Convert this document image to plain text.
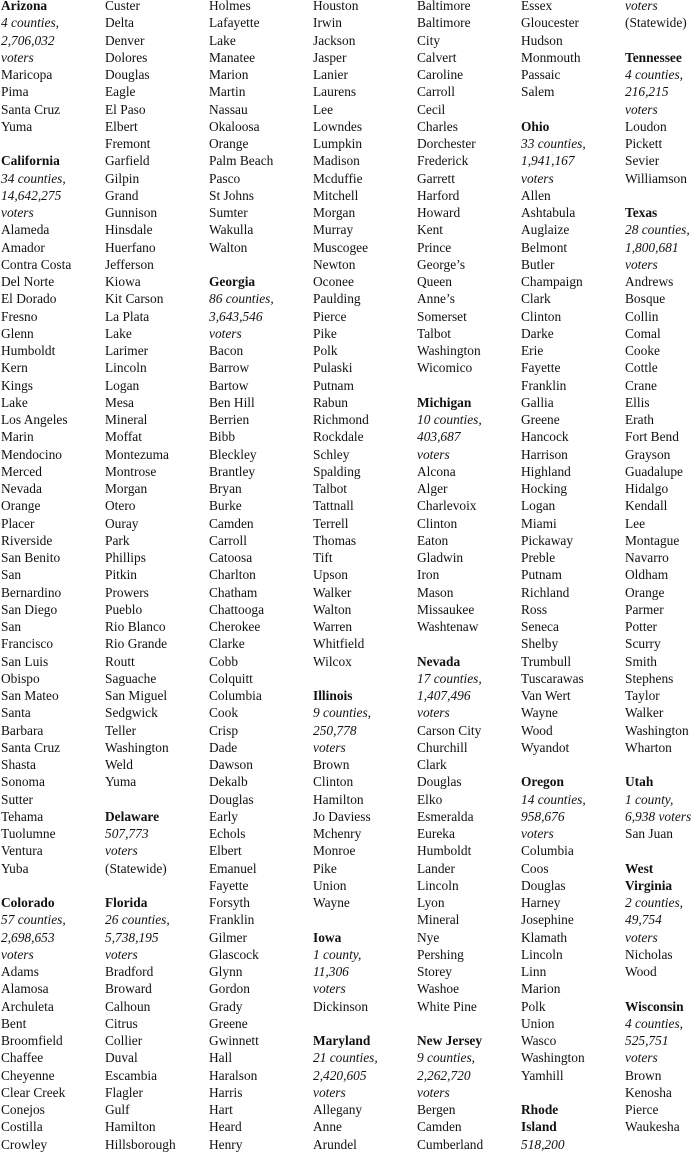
Arizona
4 counties,
2,706,032
voters
Maricopa
Pima
Santa Cruz
Yuma
California
34 counties,
14,642,275
voters
Alameda
Amador
Contra Costa
Del Norte
El Dorado
Fresno
Glenn
Humboldt
Kern
Kings
Lake
Los Angeles
Marin
Mendocino
Merced
Nevada
Orange
Placer
Riverside
San Benito
San
Bernardino
San Diego
San
Francisco
San Luis
Obispo
San Mateo
Santa
Barbara
Santa Cruz
Shasta
Sonoma
Sutter
Tehama
Tuolumne
Ventura
Yuba
Colorado
57 counties,
2,698,653
voters
Adams
Alamosa
Archuleta
Bent
Broomfield
Chaffee
Cheyenne
Clear Creek
Conejos
Costilla
Crowley
Custer
Delta
Denver
Dolores
Douglas
Eagle
El Paso
Elbert
Fremont
Garfield
Gilpin
Grand
Gunnison
Hinsdale
Huerfano
Jefferson
Kiowa
Kit Carson
La Plata
Lake
Larimer
Lincoln
Logan
Mesa
Mineral
Moffat
Montezuma
Montrose
Morgan
Otero
Ouray
Park
Phillips
Pitkin
Prowers
Pueblo
Rio Blanco
Rio Grande
Routt
Saguache
San Miguel
Sedgwick
Teller
Washington
Weld
Yuma
Delaware
507,773
voters
(Statewide)
Florida
26 counties,
5,738,195
voters
Bradford
Broward
Calhoun
Citrus
Collier
Duval
Escambia
Flagler
Gulf
Hamilton
Hillsborough
Holmes
Lafayette
Lake
Manatee
Marion
Martin
Nassau
Okaloosa
Orange
Palm Beach
Pasco
St Johns
Sumter
Wakulla
Walton
Georgia
86 counties,
3,643,546
voters
Bacon
Barrow
Bartow
Ben Hill
Berrien
Bibb
Bleckley
Brantley
Bryan
Burke
Camden
Carroll
Catoosa
Charlton
Chatham
Chattooga
Cherokee
Clarke
Cobb
Colquitt
Columbia
Cook
Crisp
Dade
Dawson
Dekalb
Douglas
Early
Echols
Elbert
Emanuel
Fayette
Forsyth
Franklin
Gilmer
Glascock
Glynn
Gordon
Grady
Greene
Gwinnett
Hall
Haralson
Harris
Hart
Heard
Henry
Houston
Irwin
Jackson
Jasper
Lanier
Laurens
Lee
Lowndes
Lumpkin
Madison
Mcduffie
Mitchell
Morgan
Murray
Muscogee
Newton
Oconee
Paulding
Pierce
Pike
Polk
Pulaski
Putnam
Rabun
Richmond
Rockdale
Schley
Spalding
Talbot
Tattnall
Terrell
Thomas
Tift
Upson
Walker
Walton
Warren
Whitfield
Wilcox
Illinois
9 counties,
250,778
voters
Brown
Clinton
Hamilton
Jo Daviess
Mchenry
Monroe
Pike
Union
Wayne
Iowa
1 county,
11,306
voters
Dickinson
Maryland
21 counties,
2,420,605
voters
Allegany
Anne
Arundel
Baltimore
Baltimore
City
Calvert
Caroline
Carroll
Cecil
Charles
Dorchester
Frederick
Garrett
Harford
Howard
Kent
Prince
George’s
Queen
Anne’s
Somerset
Talbot
Washington
Wicomico
Michigan
10 counties,
403,687
voters
Alcona
Alger
Charlevoix
Clinton
Eaton
Gladwin
Iron
Mason
Missaukee
Washtenaw
Nevada
17 counties,
1,407,496
voters
Carson City
Churchill
Clark
Douglas
Elko
Esmeralda
Eureka
Humboldt
Lander
Lincoln
Lyon
Mineral
Nye
Pershing
Storey
Washoe
White Pine
New Jersey
9 counties,
2,262,720
voters
Bergen
Camden
Cumberland
Essex
Gloucester
Hudson
Monmouth
Passaic
Salem
Ohio
33 counties,
1,941,167
voters
Allen
Ashtabula
Auglaize
Belmont
Butler
Champaign
Clark
Clinton
Darke
Erie
Fayette
Franklin
Gallia
Greene
Hancock
Harrison
Highland
Hocking
Logan
Miami
Pickaway
Preble
Putnam
Richland
Ross
Seneca
Shelby
Trumbull
Tuscarawas
Van Wert
Wayne
Wood
Wyandot
Oregon
14 counties,
958,676
voters
Columbia
Coos
Douglas
Harney
Josephine
Klamath
Lincoln
Linn
Marion
Polk
Union
Wasco
Washington
Yamhill
Rhode
Island
518,200
voters
(Statewide)
Tennessee
4 counties,
216,215
voters
Loudon
Pickett
Sevier
Williamson
Texas
28 counties,
1,800,681
voters
Andrews
Bosque
Collin
Comal
Cooke
Cottle
Crane
Ellis
Erath
Fort Bend
Grayson
Guadalupe
Hidalgo
Kendall
Lee
Montague
Navarro
Oldham
Orange
Parmer
Potter
Scurry
Smith
Stephens
Taylor
Walker
Washington
Wharton
Utah
1 county,
6,938 voters
San Juan
West
Virginia
2 counties,
49,754
voters
Nicholas
Wood
Wisconsin
4 counties,
525,751
voters
Brown
Kenosha
Pierce
Waukesha
